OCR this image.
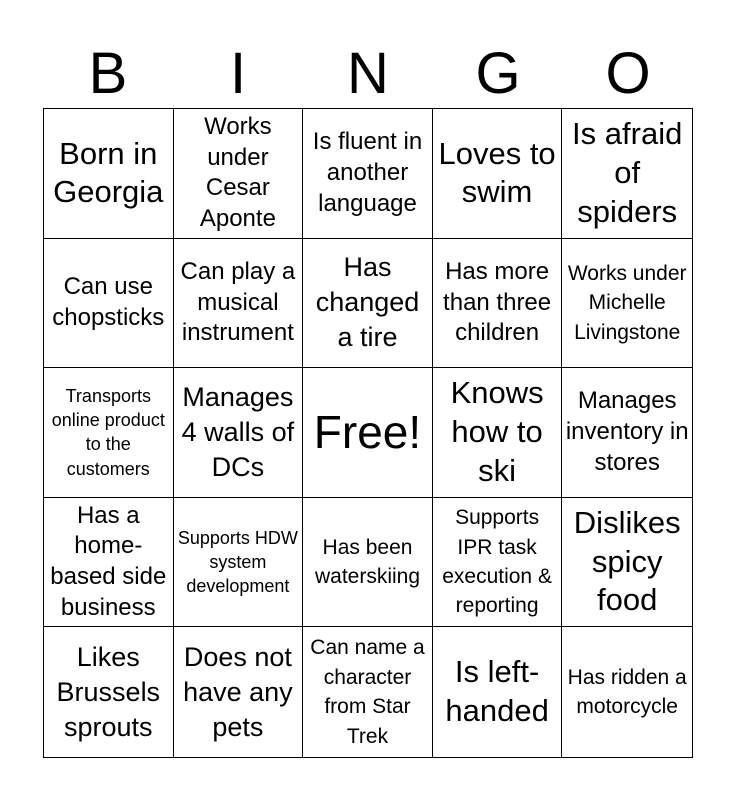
B	I	N	G	O
Born in Georgia
Works under Cesar Aponte
Is fluent in another language
Loves to swim
Is afraid of spiders
Can use chopsticks
Can play a musical instrument
Has changed a tire
Has more than three children
Works under Michelle Livingstone
Transports online product to the customers
Manages 4 walls of DCs
Free!
Knows how to ski
Manages inventory in stores
Has a home-based side business
Supports HDW system development
Has been waterskiing
Supports IPR task execution & reporting
Dislikes spicy food
Likes Brussels sprouts
Does not have any pets
Can name a character from Star Trek
Is left-handed
Has ridden a motorcycle
